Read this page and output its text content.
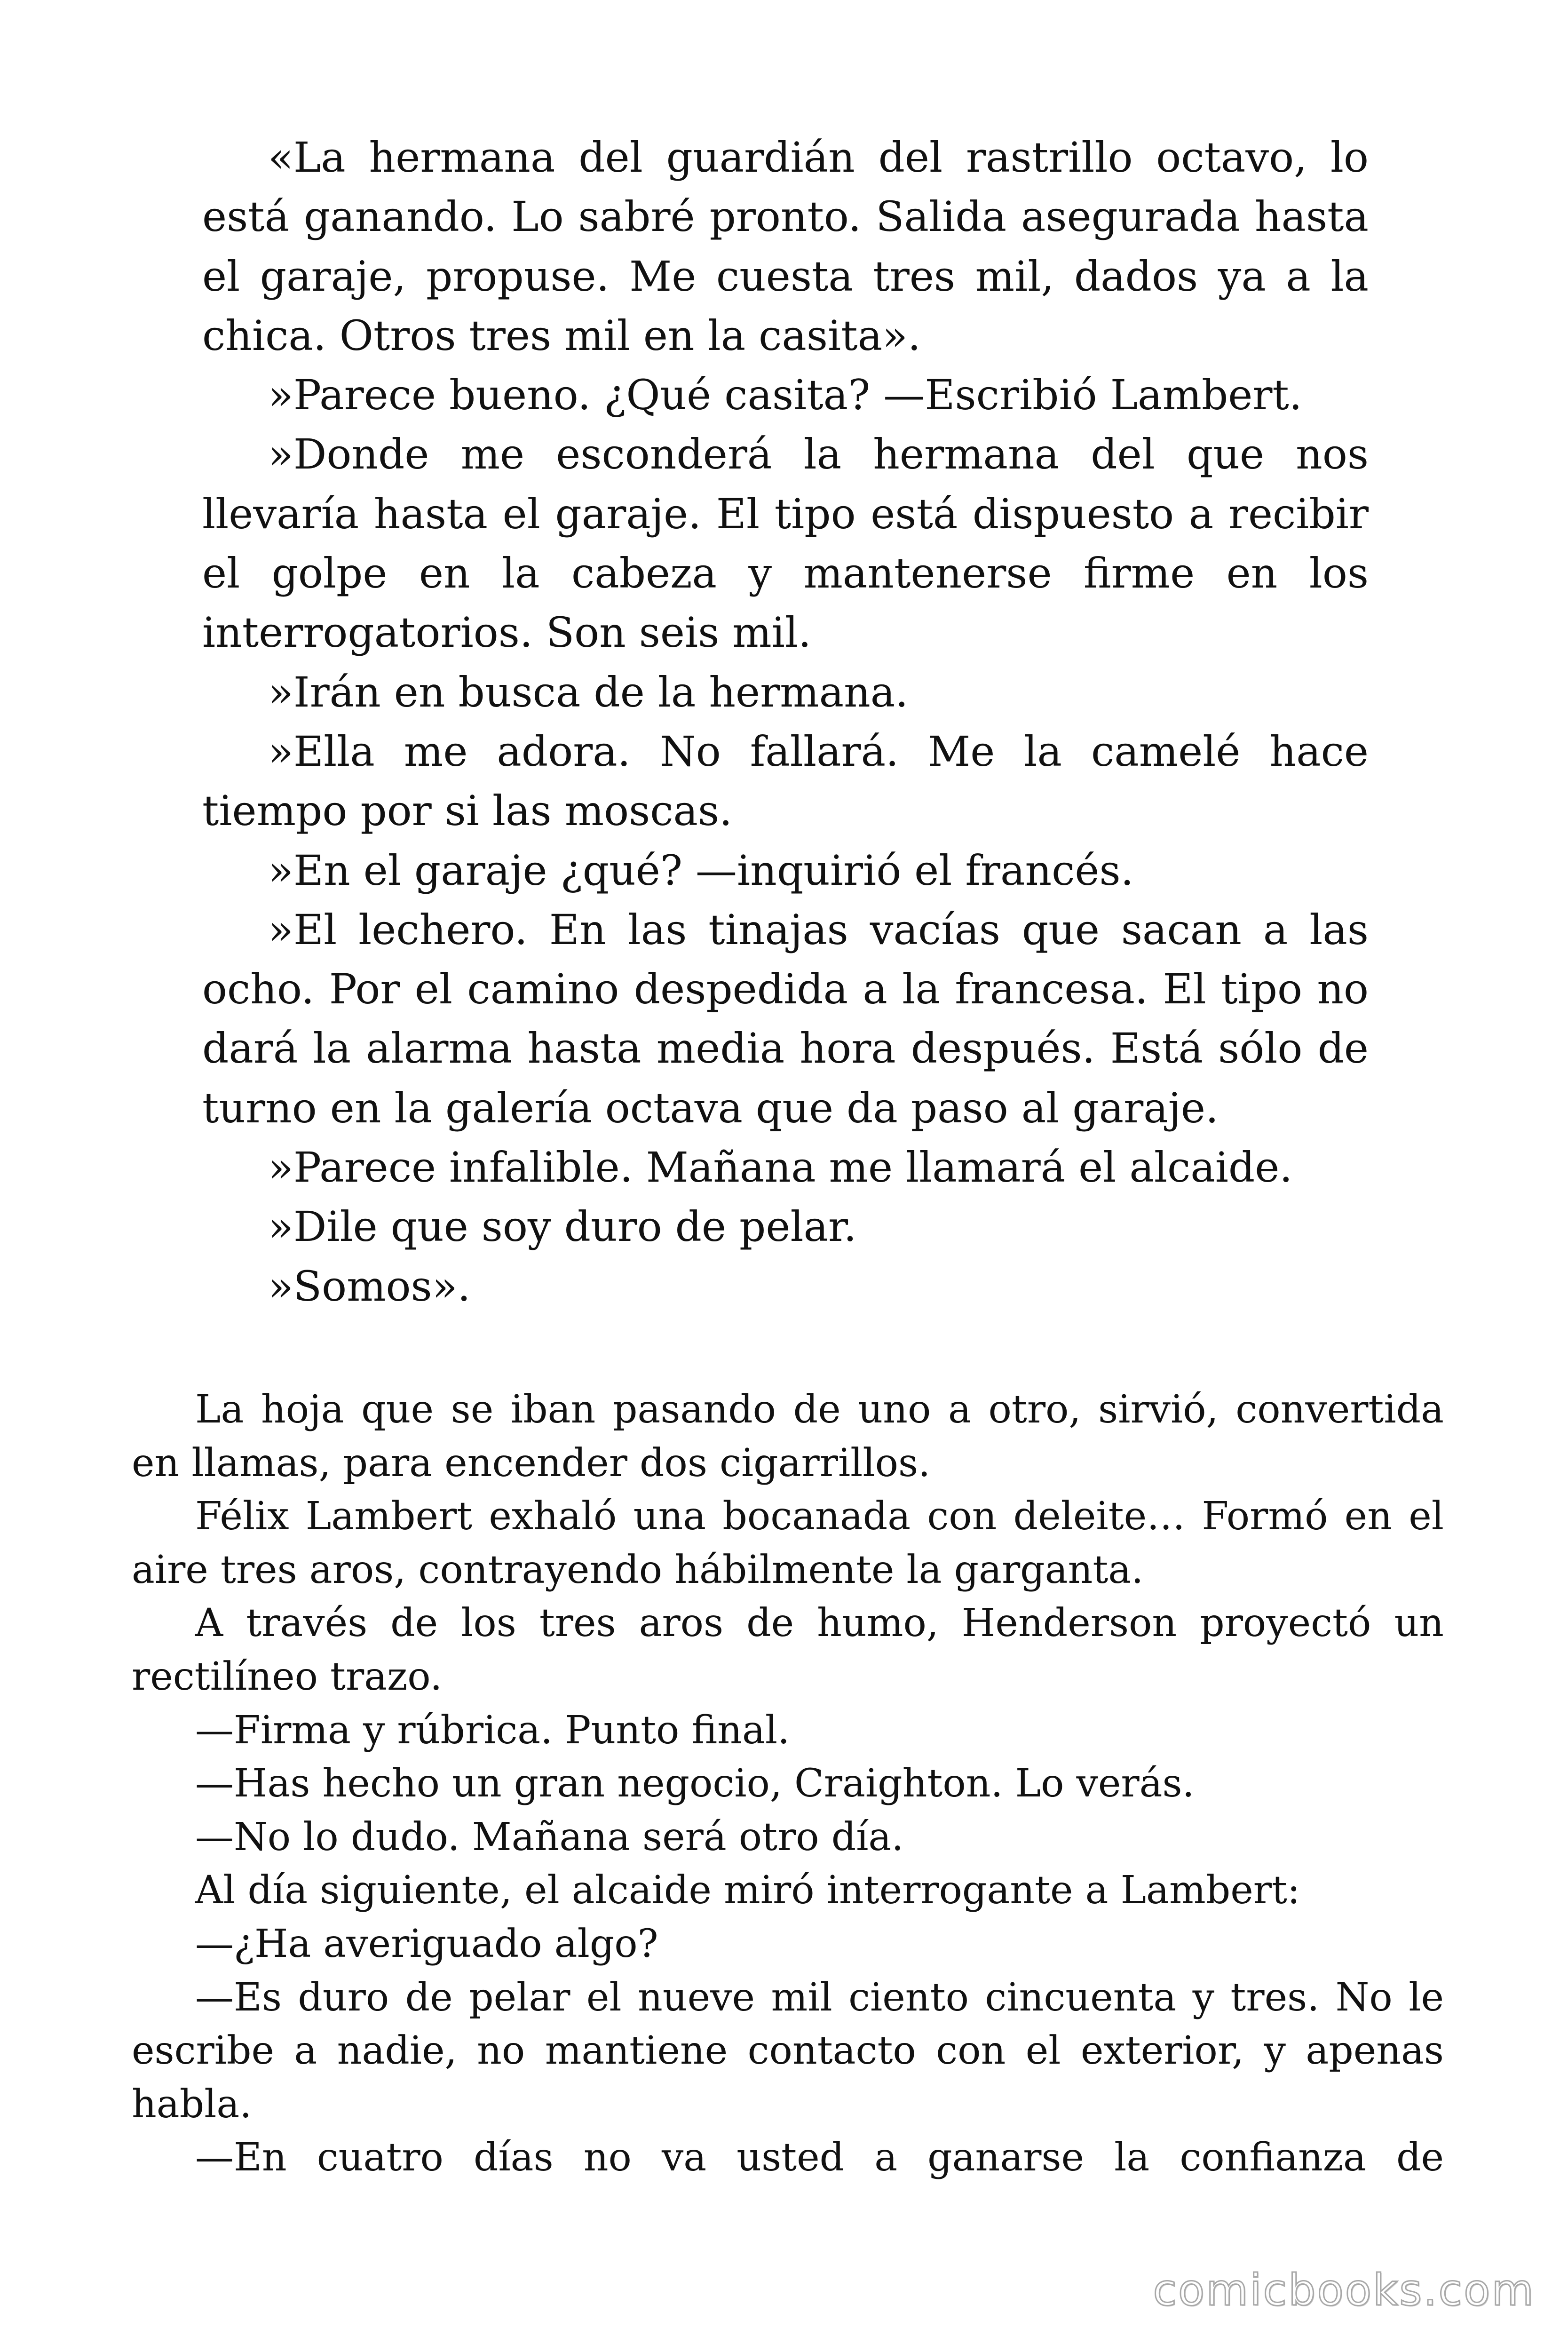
«La hermana del guardián del rastrillo octavo, lo está ganando. Lo sabré pronto. Salida asegurada hasta el garaje, propuse. Me cuesta tres mil, dados ya a la chica. Otros tres mil en la casita».

»Parece bueno. ¿Qué casita? —Escribió Lambert.

»Donde me esconderá la hermana del que nos llevaría hasta el garaje. El tipo está dispuesto a recibir el golpe en la cabeza y mantenerse firme en los interrogatorios. Son seis mil.

»Irán en busca de la hermana.

»Ella me adora. No fallará. Me la camelé hace tiempo por si las moscas.

»En el garaje ¿qué? —inquirió el francés.

»El lechero. En las tinajas vacías que sacan a las ocho. Por el camino despedida a la francesa. El tipo no dará la alarma hasta media hora después. Está sólo de turno en la galería octava que da paso al garaje.

»Parece infalible. Mañana me llamará el alcaide.

»Dile que soy duro de pelar.

»Somos».

La hoja que se iban pasando de uno a otro, sirvió, convertida en llamas, para encender dos cigarrillos.

Félix Lambert exhaló una bocanada con deleite… Formó en el aire tres aros, contrayendo hábilmente la garganta.

A través de los tres aros de humo, Henderson proyectó un rectilíneo trazo.

—Firma y rúbrica. Punto final.

—Has hecho un gran negocio, Craighton. Lo verás.

—No lo dudo. Mañana será otro día.

Al día siguiente, el alcaide miró interrogante a Lambert:

—¿Ha averiguado algo?

—Es duro de pelar el nueve mil ciento cincuenta y tres. No le escribe a nadie, no mantiene contacto con el exterior, y apenas habla.

—En cuatro días no va usted a ganarse la confianza de

comicbooks.com
